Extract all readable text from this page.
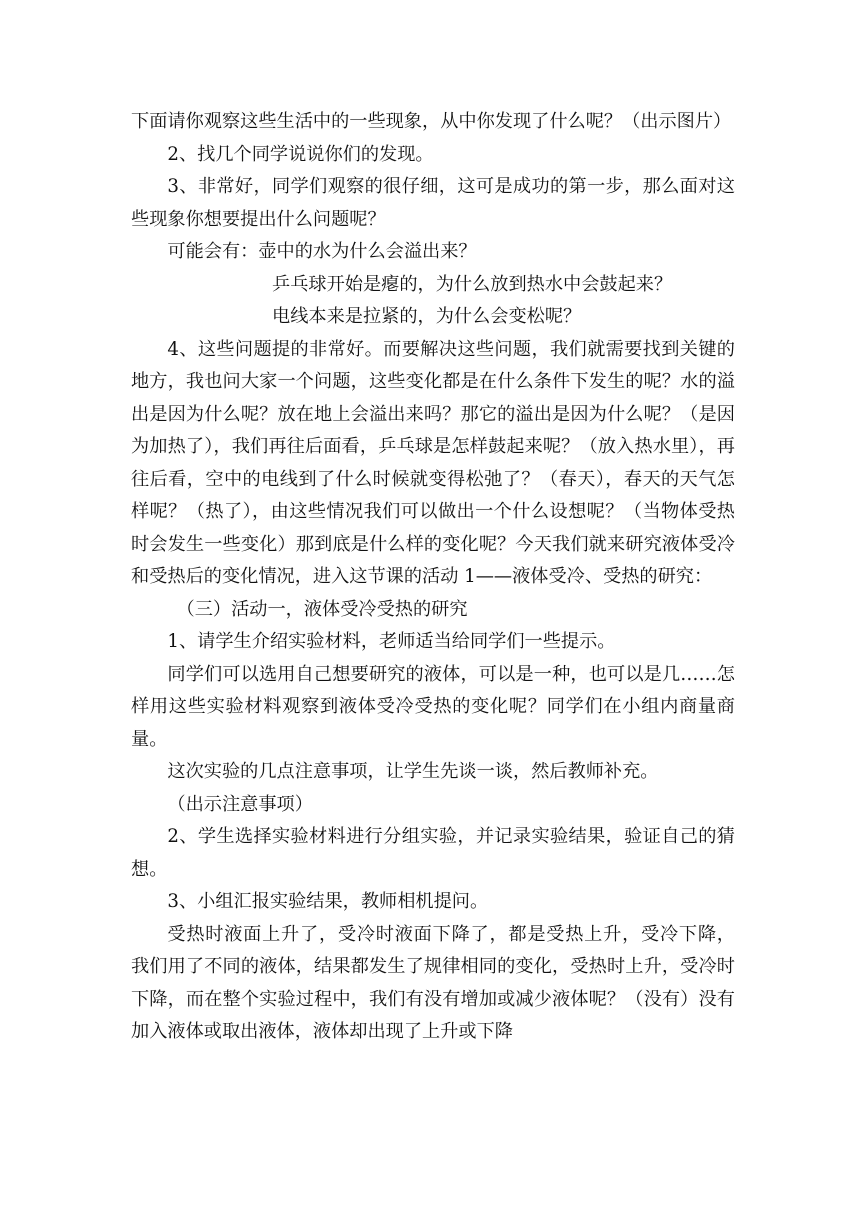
下面请你观察这些生活中的一些现象，从中你发现了什么呢？（出示图片）

2、找几个同学说说你们的发现。

3、非常好，同学们观察的很仔细，这可是成功的第一步，那么面对这些现象你想要提出什么问题呢？

可能会有：壶中的水为什么会溢出来？

乒乓球开始是瘪的，为什么放到热水中会鼓起来？

电线本来是拉紧的，为什么会变松呢？

4、这些问题提的非常好。而要解决这些问题，我们就需要找到关键的地方，我也问大家一个问题，这些变化都是在什么条件下发生的呢？水的溢出是因为什么呢？放在地上会溢出来吗？那它的溢出是因为什么呢？（是因为加热了），我们再往后面看，乒乓球是怎样鼓起来呢？（放入热水里），再往后看，空中的电线到了什么时候就变得松弛了？（春天），春天的天气怎样呢？（热了），由这些情况我们可以做出一个什么设想呢？（当物体受热时会发生一些变化）那到底是什么样的变化呢？今天我们就来研究液体受冷和受热后的变化情况，进入这节课的活动 1——液体受冷、受热的研究：

（三）活动一，液体受冷受热的研究

1、请学生介绍实验材料，老师适当给同学们一些提示。

同学们可以选用自己想要研究的液体，可以是一种，也可以是几……怎样用这些实验材料观察到液体受冷受热的变化呢？同学们在小组内商量商量。

这次实验的几点注意事项，让学生先谈一谈，然后教师补充。

（出示注意事项）

2、学生选择实验材料进行分组实验，并记录实验结果，验证自己的猜想。

3、小组汇报实验结果，教师相机提问。

受热时液面上升了，受冷时液面下降了，都是受热上升，受冷下降， 我们用了不同的液体，结果都发生了规律相同的变化，受热时上升，受冷时下降，而在整个实验过程中，我们有没有增加或减少液体呢？（没有）没有加入液体或取出液体，液体却出现了上升或下降
